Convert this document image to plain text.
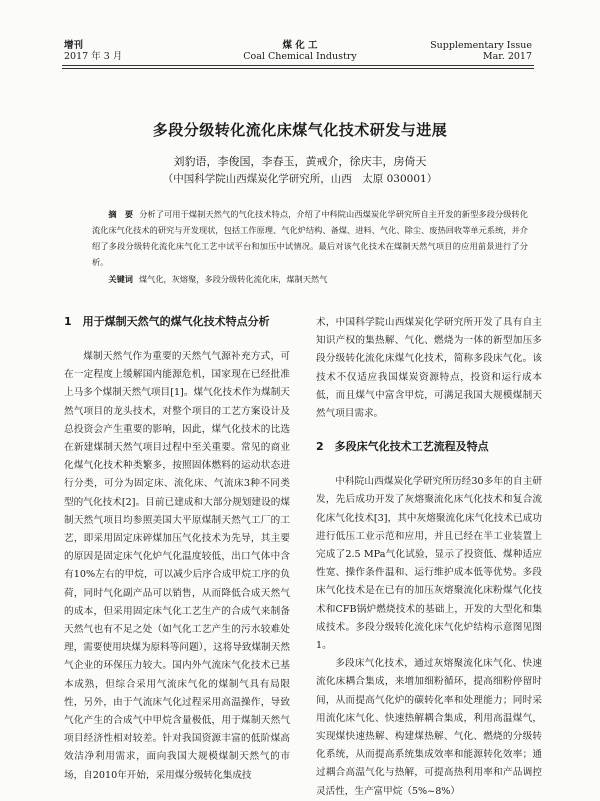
增刊
2017 年 3 月
煤 化 工
Coal Chemical Industry
Supplementary Issue
Mar. 2017
多段分级转化流化床煤气化技术研发与进展
刘豹语，李俊国，李春玉，黄戒介，徐庆丰，房倚天
（中国科学院山西煤炭化学研究所，山西　太原 030001）
摘　要 分析了可用于煤制天然气的气化技术特点，介绍了中科院山西煤炭化学研究所自主开发的新型多段分级转化流化床气化技术的研究与开发现状，包括工作原理、气化炉结构、备煤、进料、气化、除尘、废热回收等单元系统，并介绍了多段分级转化流化床气化工艺中试平台和加压中试情况。最后对该气化技术在煤制天然气项目的应用前景进行了分析。
关键词 煤气化，灰熔聚，多段分级转化流化床，煤制天然气
1　用于煤制天然气的煤气化技术特点分析

煤制天然气作为重要的天然气气源补充方式，可在一定程度上缓解国内能源危机，国家现在已经批准上马多个煤制天然气项目[1]。煤气化技术作为煤制天然气项目的龙头技术，对整个项目的工艺方案设计及总投资会产生重要的影响，因此，煤气化技术的比选在新建煤制天然气项目过程中至关重要。常见的商业化煤气化技术种类繁多，按照固体燃料的运动状态进行分类，可分为固定床、流化床、气流床3种不同类型的气化技术[2]。目前已建成和大部分规划建设的煤制天然气项目均参照美国大平原煤制天然气工厂的工艺，即采用固定床碎煤加压气化技术为先导，其主要的原因是固定床气化炉气化温度较低，出口气体中含有10%左右的甲烷，可以减少后序合成甲烷工序的负荷，同时气化副产品可以销售，从而降低合成天然气的成本，但采用固定床气化工艺生产的合成气来制备天然气也有不足之处（如气化工艺产生的污水较难处理，需要使用块煤为原料等问题），这将导致煤制天然气企业的环保压力较大。国内外气流床气化技术已基本成熟，但综合采用气流床气化的煤制气具有局限性，另外，由于气流床气化过程采用高温操作，导致气化产生的合成气中甲烷含量极低，用于煤制天然气项目经济性相对较差。针对我国资源丰富的低阶煤高效洁净利用需求，面向我国大规模煤制天然气的市场，自2010年开始，采用煤分级转化集成技

术，中国科学院山西煤炭化学研究所开发了具有自主知识产权的集热解、气化、燃烧为一体的新型加压多段分级转化流化床煤气化技术，简称多段床气化。该技术不仅适应我国煤炭资源特点，投资和运行成本低，而且煤气中富含甲烷，可满足我国大规模煤制天然气项目需求。

2　多段床气化技术工艺流程及特点

中科院山西煤炭化学研究所历经30多年的自主研发，先后成功开发了灰熔聚流化床气化技术和复合流化床气化技术[3]，其中灰熔聚流化床气化技术已成功进行低压工业示范和应用，并且已经在半工业装置上完成了2.5 MPa气化试验，显示了投资低、煤种适应性宽、操作条件温和、运行维护成本低等优势。多段床气化技术是在已有的加压灰熔聚流化床粉煤气化技术和CFB锅炉燃烧技术的基础上，开发的大型化和集成技术。多段分级转化流化床气化炉结构示意图见图1。

多段床气化技术，通过灰熔聚流化床气化、快速流化床耦合集成，来增加细粉循环，提高细粉停留时间，从而提高气化炉的碳转化率和处理能力；同时采用流化床气化、快速热解耦合集成，利用高温煤气，实现煤快速热解、构建煤热解、气化、燃烧的分级转化系统，从而提高系统集成效率和能源转化效率；通过耦合高温气化与热解，可提高热利用率和产品调控灵活性，生产富甲烷（5%~8%）
